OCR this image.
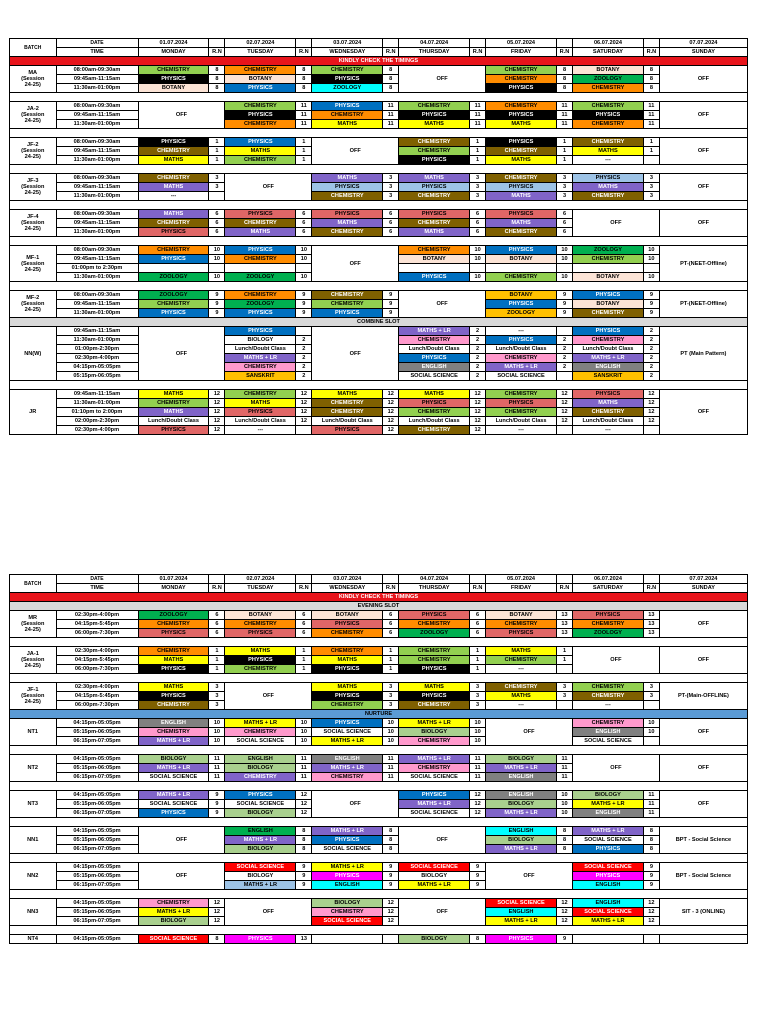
BATCH	DATE	01.07.2024		02.07.2024		03.07.2024		04.07.2024		05.07.2024		06.07.2024		07.07.2024
	TIME	MONDAY	R.N	TUESDAY	R.N	WEDNESDAY	R.N	THURSDAY	R.N	FRIDAY	R.N	SATURDAY	R.N	SUNDAY
KINDLY CHECK THE TIMINGS														
MA
(Session
24-25)	08:00am-09:30am	CHEMISTRY	8	CHEMISTRY	8	CHEMISTRY	8	OFF		CHEMISTRY	8	BOTANY	8	OFF
	09:45am-11:15am	PHYSICS	8	BOTANY	8	PHYSICS	8			CHEMISTRY	8	ZOOLOGY	8	
	11:30am-01:00pm	BOTANY	8	PHYSICS	8	ZOOLOGY	8			PHYSICS	8	CHEMISTRY	8	

JA-2
(Session
24-25)	08:00am-09:30am	OFF		CHEMISTRY	11	PHYSICS	11	CHEMISTRY	11	CHEMISTRY	11	CHEMISTRY	11	OFF
	09:45am-11:15am			PHYSICS	11	CHEMISTRY	11	PHYSICS	11	PHYSICS	11	PHYSICS	11	
	11:30am-01:00pm			CHEMISTRY	11	MATHS	11	MATHS	11	MATHS	11	CHEMISTRY	11	

JF-2
(Session
24-25)	08:00am-09:30am	PHYSICS	1	PHYSICS	1	OFF		CHEMISTRY	1	PHYSICS	1	CHEMISTRY	1	OFF
	09:45am-11:15am	CHEMISTRY	1	MATHS	1			CHEMISTRY	1	CHEMISTRY	1	MATHS	1	
	11:30am-01:00pm	MATHS	1	CHEMISTRY	1			PHYSICS	1	MATHS	1	---		

JF-3
(Session
24-25)	08:00am-09:30am	CHEMISTRY	3	OFF		MATHS	3	MATHS	3	CHEMISTRY	3	PHYSICS	3	OFF
	09:45am-11:15am	MATHS	3			PHYSICS	3	PHYSICS	3	PHYSICS	3	MATHS	3	
	11:30am-01:00pm	---				CHEMISTRY	3	CHEMISTRY	3	MATHS	3	CHEMISTRY	3	

JF-4
(Session
24-25)	08:00am-09:30am	MATHS	6	PHYSICS	6	PHYSICS	6	PHYSICS	6	PHYSICS	6	OFF		OFF
	09:45am-11:15am	CHEMISTRY	6	CHEMISTRY	6	MATHS	6	CHEMISTRY	6	MATHS	6			
	11:30am-01:00pm	PHYSICS	6	MATHS	6	CHEMISTRY	6	MATHS	6	CHEMISTRY	6			

MF-1
(Session
24-25)	08:00am-09:30am	CHEMISTRY	10	PHYSICS	10	OFF		CHEMISTRY	10	PHYSICS	10	ZOOLOGY	10	PT-(NEET-Offline)
	09:45am-11:15am	PHYSICS	10	CHEMISTRY	10			BOTANY	10	BOTANY	10	CHEMISTRY	10	
	01:00pm to 2:30pm													
	11:30am-01:00pm	ZOOLOGY	10	ZOOLOGY	10			PHYSICS	10	CHEMISTRY	10	BOTANY	10	

MF-2
(Session
24-25)	08:00am-09:30am	ZOOLOGY	9	CHEMISTRY	9	CHEMISTRY	9	OFF		BOTANY	9	PHYSICS	9	PT-(NEET-Offline)
	09:45am-11:15am	CHEMISTRY	9	ZOOLOGY	9	CHEMISTRY	9			PHYSICS	9	BOTANY	9	
	11:30am-01:00pm	PHYSICS	9	PHYSICS	9	PHYSICS	9			ZOOLOGY	9	CHEMISTRY	9	
COMBINE SLOT														
NN(W)	09:45am-11:15am	OFF		PHYSICS		OFF		MATHS + LR	2	---		PHYSICS	2	PT (Main Pattern)
	11:30am-01:00pm			BIOLOGY	2			CHEMISTRY	2	PHYSICS	2	CHEMISTRY	2	
	01:00pm-2:30pm			Lunch/Doubt Class	2			Lunch/Doubt Class	2	Lunch/Doubt Class	2	Lunch/Doubt Class	2	
	02:30pm-4:00pm			MATHS + LR	2			PHYSICS	2	CHEMISTRY	2	MATHS + LR	2	
	04:15pm-05:05pm			CHEMISTRY	2			ENGLISH	2	MATHS + LR	2	ENGLISH	2	
	05:15pm-06:05pm			SANSKRIT	2			SOCIAL SCIENCE	2	SOCIAL SCIENCE		SANSKRIT	2	

JR	09:45am-11:15am	MATHS	12	CHEMISTRY	12	MATHS	12	MATHS	12	CHEMISTRY	12	PHYSICS	12	OFF
	11:30am-01:00pm	CHEMISTRY	12	MATHS	12	CHEMISTRY	12	PHYSICS	12	PHYSICS	12	MATHS	12	
	01:10pm to 2:00pm	MATHS	12	PHYSICS	12	CHEMISTRY	12	CHEMISTRY	12	CHEMISTRY	12	CHEMISTRY	12	
	02:00pm-2:30pm	Lunch/Doubt Class	12	Lunch/Doubt Class	12	Lunch/Doubt Class	12	Lunch/Doubt Class	12	Lunch/Doubt Class	12	Lunch/Doubt Class	12	
	02:30pm-4:00pm	PHYSICS	12	---		PHYSICS	12	CHEMISTRY	12	---		---		
BATCH	DATE	01.07.2024		02.07.2024		03.07.2024		04.07.2024		05.07.2024		06.07.2024		07.07.2024
	TIME	MONDAY	R.N	TUESDAY	R.N	WEDNESDAY	R.N	THURSDAY	R.N	FRIDAY	R.N	SATURDAY	R.N	SUNDAY
KINDLY CHECK THE TIMINGS														
EVENING SLOT														
MR
(Session
24-25)	02:30pm-4:00pm	ZOOLOGY	6	BOTANY	6	BOTANY	6	PHYSICS	6	BOTANY	13	PHYSICS	13	OFF
	04:15pm-5:45pm	CHEMISTRY	6	CHEMISTRY	6	PHYSICS	6	CHEMISTRY	6	CHEMISTRY	13	CHEMISTRY	13	
	06:00pm-7:30pm	PHYSICS	6	PHYSICS	6	CHEMISTRY	6	ZOOLOGY	6	PHYSICS	13	ZOOLOGY	13	

JA-1
(Session
24-25)	02:30pm-4:00pm	CHEMISTRY	1	MATHS	1	CHEMISTRY	1	CHEMISTRY	1	MATHS	1	OFF		OFF
	04:15pm-5:45pm	MATHS	1	PHYSICS	1	MATHS	1	CHEMISTRY	1	CHEMISTRY	1			
	06:00pm-7:30pm	PHYSICS	1	CHEMISTRY	1	PHYSICS	1	PHYSICS	1	---				

JF-1
(Session
24-25)	02:30pm-4:00pm	MATHS	3	OFF		MATHS	3	MATHS	3	CHEMISTRY	3	CHEMISTRY	3	PT-(Main-OFFLINE)
	04:15pm-5:45pm	PHYSICS	3			PHYSICS	3	PHYSICS	3	MATHS	3	CHEMISTRY	3	
	06:00pm-7:30pm	CHEMISTRY	3			CHEMISTRY	3	CHEMISTRY	3	---		---		
NURTURE														
NT1	04:15pm-05:05pm	ENGLISH	10	MATHS + LR	10	PHYSICS	10	MATHS + LR	10	OFF		CHEMISTRY	10	OFF
	05:15pm-06:05pm	CHEMISTRY	10	CHEMISTRY	10	SOCIAL SCIENCE	10	BIOLOGY	10			ENGLISH	10	
	06:15pm-07:05pm	MATHS + LR	10	SOCIAL SCIENCE	10	MATHS + LR	10	CHEMISTRY	10			SOCIAL SCIENCE		

NT2	04:15pm-05:05pm	BIOLOGY	11	ENGLISH	11	ENGLISH	11	MATHS + LR	11	BIOLOGY	11	OFF		OFF
	05:15pm-06:05pm	MATHS + LR	11	BIOLOGY	11	MATHS + LR	11	CHEMISTRY	11	MATHS + LR	11			
	06:15pm-07:05pm	SOCIAL SCIENCE	11	CHEMISTRY	11	CHEMISTRY	11	SOCIAL SCIENCE	11	ENGLISH	11			

NT3	04:15pm-05:05pm	MATHS + LR	9	PHYSICS	12	OFF		PHYSICS	12	ENGLISH	10	BIOLOGY	11	OFF
	05:15pm-06:05pm	SOCIAL SCIENCE	9	SOCIAL SCIENCE	12			MATHS + LR	12	BIOLOGY	10	MATHS + LR	11	
	06:15pm-07:05pm	PHYSICS	9	BIOLOGY	12			SOCIAL SCIENCE	12	MATHS + LR	10	ENGLISH	11	

NN1	04:15pm-05:05pm	OFF		ENGLISH	8	MATHS + LR	8	OFF		ENGLISH	8	MATHS + LR	8	BPT - Social Science
	05:15pm-06:05pm			MATHS + LR	8	PHYSICS	8			BIOLOGY	8	SOCIAL SCIENCE	8	
	06:15pm-07:05pm			BIOLOGY	8	SOCIAL SCIENCE	8			MATHS + LR	8	PHYSICS	8	

NN2	04:15pm-05:05pm	OFF		SOCIAL SCIENCE	9	MATHS + LR	9	SOCIAL SCIENCE	9	OFF		SOCIAL SCIENCE	9	BPT - Social Science
	05:15pm-06:05pm			BIOLOGY	9	PHYSICS	9	BIOLOGY	9			PHYSICS	9	
	06:15pm-07:05pm			MATHS + LR	9	ENGLISH	9	MATHS + LR	9			ENGLISH	9	

NN3	04:15pm-05:05pm	CHEMISTRY	12	OFF		BIOLOGY	12	OFF		SOCIAL SCIENCE	12	ENGLISH	12	SIT - 3 (ONLINE)
	05:15pm-06:05pm	MATHS + LR	12			CHEMISTRY	12			ENGLISH	12	SOCIAL SCIENCE	12	
	06:15pm-07:05pm	BIOLOGY	12			SOCIAL SCIENCE	12			MATHS + LR	12	MATHS + LR	12	

NT4	04:15pm-05:05pm	SOCIAL SCIENCE	8	PHYSICS	13			BIOLOGY	8	PHYSICS	9			
